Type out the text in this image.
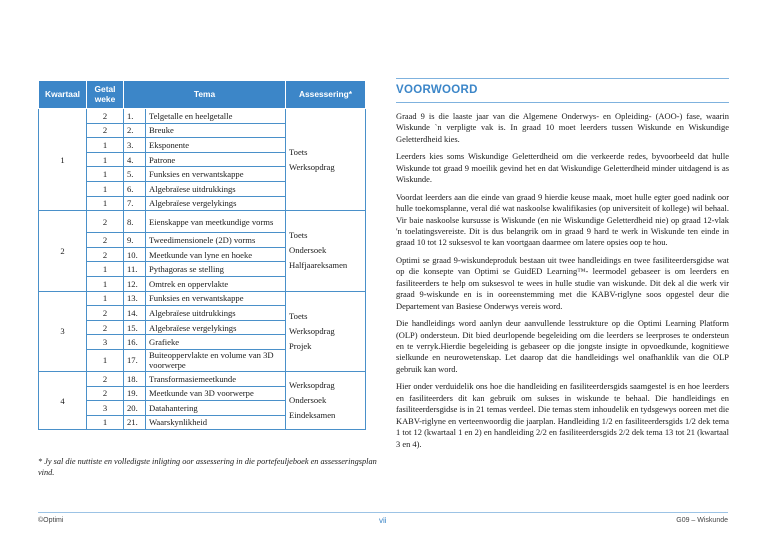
Kwartaal	Getal weke	Tema		Assessering*
1	2	1.	Telgetalle en heelgetalle	Toets
Werksopdrag

	2	2.	Breuke	
	1	3.	Eksponente	
	1	4.	Patrone	
	1	5.	Funksies en verwantskappe	
	1	6.	Algebraïese uitdrukkings	
	1	7.	Algebraïese vergelykings	
2	2	8.	Eienskappe van meetkundige vorms	Toets
Ondersoek
Halfjaareksamen

	2	9.	Tweedimensionele (2D) vorms	
	2	10.	Meetkunde van lyne en hoeke	
	1	11.	Pythagoras se stelling	
	1	12.	Omtrek en oppervlakte	
3	1	13.	Funksies en verwantskappe	Toets
Werksopdrag
Projek

	2	14.	Algebraïese uitdrukkings	
	2	15.	Algebraïese vergelykings	
	3	16.	Grafieke	
	1	17.	Buiteoppervlakte en volume van 3D voorwerpe	
4	2	18.	Transformasiemeetkunde	Werksopdrag
Ondersoek
Eindeksamen

	2	19.	Meetkunde van 3D voorwerpe	
	3	20.	Datahantering	
	1	21.	Waarskynlikheid	
* Jy sal die nuttiste en volledigste inligting oor assessering in die portefeuljeboek en assesseringsplan vind.
VOORWOORD

Graad 9 is die laaste jaar van die Algemene Onderwys- en Opleiding- (AOO-) fase, waarin Wiskunde `n verpligte vak is. In graad 10 moet leerders tussen Wiskunde en Wiskundige Geletterdheid kies.

Leerders kies soms Wiskundige Geletterdheid om die verkeerde redes, byvoorbeeld dat hulle Wiskunde tot graad 9 moeilik gevind het en dat Wiskundige Geletterdheid minder uitdagend is as Wiskunde.

Voordat leerders aan die einde van graad 9 hierdie keuse maak, moet hulle egter goed nadink oor hulle toekomsplanne, veral dié wat naskoolse kwalifikasies (op universiteit of kollege) wil behaal. Vir baie naskoolse kursusse is Wiskunde (en nie Wiskundige Geletterdheid nie) op graad 12-vlak 'n toelatingsvereiste. Dit is dus belangrik om in graad 9 hard te werk in Wiskunde ten einde in graad 10 tot 12 suksesvol te kan voortgaan daarmee om latere opsies oop te hou.

Optimi se graad 9-wiskundeproduk bestaan uit twee handleidings en twee fasiliteerdersgidse wat op die konsepte van Optimi se GuidED Learning™- leermodel gebaseer is om leerders en fasiliteerders te help om suksesvol te wees in hulle studie van wiskunde. Dit dek al die werk vir graad 9-wiskunde en is in ooreenstemming met die KABV-riglyne soos opgestel deur die Departement van Basiese Onderwys vereis word.

Die handleidings word aanlyn deur aanvullende lesstrukture op die Optimi Learning Platform (OLP) ondersteun. Dit bied deurlopende begeleiding om die leerders se leerproses te ondersteun en te verryk.Hierdie begeleiding is gebaseer op die jongste insigte in opvoedkunde, kognitiewe sielkunde en neurowetenskap. Let daarop dat die handleidings wel onafhanklik van die OLP gebruik kan word.

Hier onder verduidelik ons hoe die handleiding en fasiliteerdersgids saamgestel is en hoe leerders en fasiliteerders dit kan gebruik om sukses in wiskunde te behaal. Die handleidings en fasiliteerdersgidse is in 21 temas verdeel. Die temas stem inhoudelik en tydsgewys ooreen met die KABV-riglyne en verteenwoordig die jaarplan. Handleiding 1/2 en fasiliteerdersgids 1/2 dek tema 1 tot 12 (kwartaal 1 en 2) en handleiding 2/2 en fasiliteerdersgids 2/2 dek tema 13 tot 21 (kwartaal 3 en 4).

©Optimi	vii	G09 – Wiskunde
